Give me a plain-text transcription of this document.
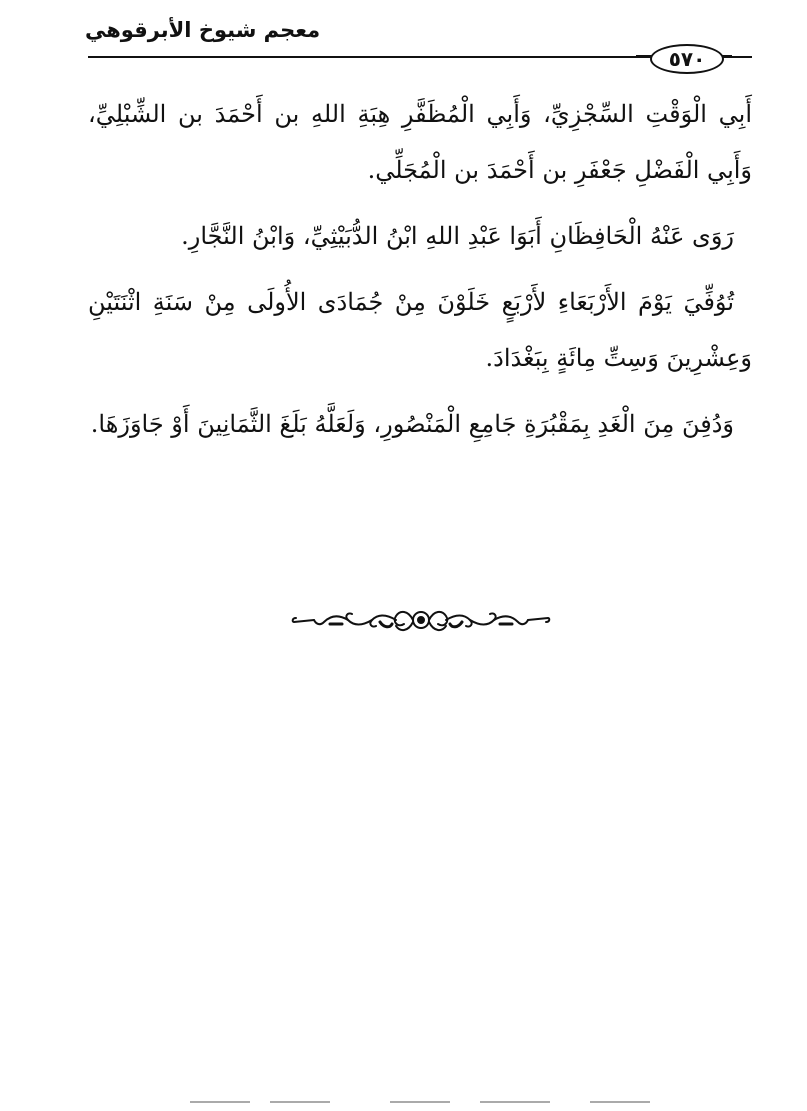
معجم شيوخ الأبرقوهي
٥٧٠

أَبِي الْوَقْتِ السِّجْزِيِّ، وَأَبِي الْمُظَفَّرِ هِبَةِ اللهِ بن أَحْمَدَ بن الشِّبْلِيِّ، وَأَبِي الْفَضْلِ جَعْفَرِ بن أَحْمَدَ بن الْمُجَلِّي.

رَوَى عَنْهُ الْحَافِظَانِ أَبَوَا عَبْدِ اللهِ ابْنُ الدُّبَيْثِيِّ، وَابْنُ النَّجَّارِ.

تُوُفِّيَ يَوْمَ الأَرْبَعَاءِ لأَرْبَعٍ خَلَوْنَ مِنْ جُمَادَى الأُولَى مِنْ سَنَةِ اثْنَتَيْنِ وَعِشْرِينَ وَسِتِّ مِائَةٍ بِبَغْدَادَ.

وَدُفِنَ مِنَ الْغَدِ بِمَقْبُرَةِ جَامِعِ الْمَنْصُورِ، وَلَعَلَّهُ بَلَغَ الثَّمَانِينَ أَوْ جَاوَزَهَا.
